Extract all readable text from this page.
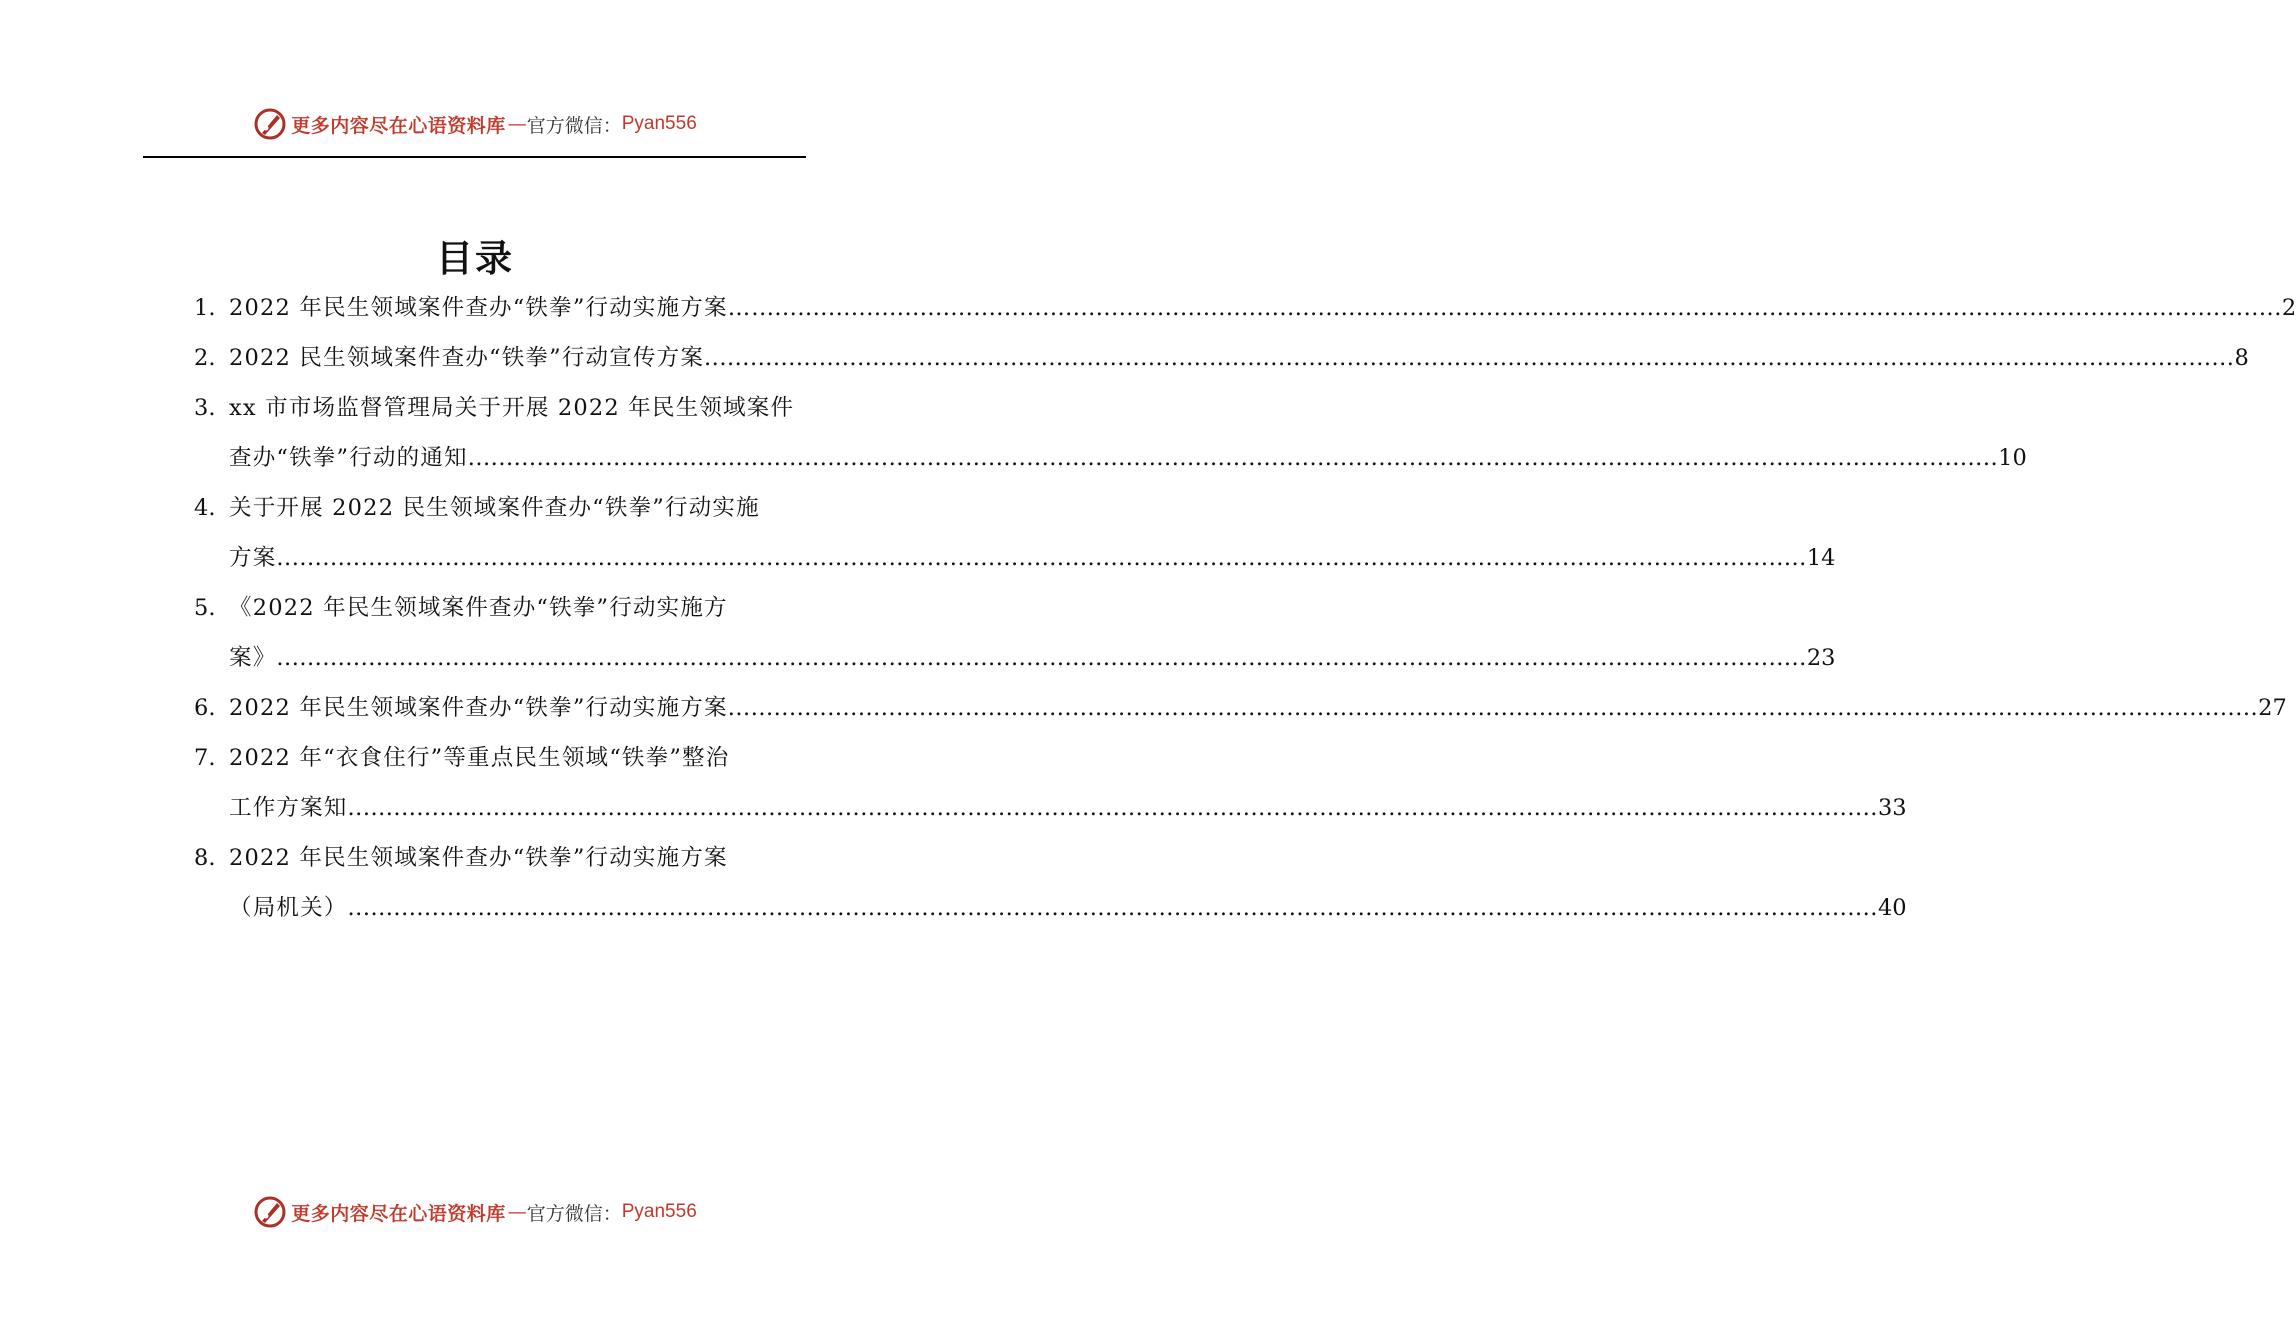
更多内容尽在心语资料库 — 官方微信： Pyan556
目录
1. 2022 年民生领域案件查办“铁拳”行动实施方案… ........................................................................................................................................................................................................ 2
2. 2022 民生领域案件查办“铁拳”行动宣传方案 ........................................................................................................................................................................................................ 8
3. xx 市市场监督管理局关于开展 2022 年民生领域案件
查办“铁拳”行动的通知 ........................................................................................................................................................................................................ 10
4. 关于开展 2022 民生领域案件查办“铁拳”行动实施
方案 ........................................................................................................................................................................................................ 14
5. 《2022 年民生领域案件查办“铁拳”行动实施方
案》 ........................................................................................................................................................................................................ 23
6. 2022 年民生领域案件查办“铁拳”行动实施方案 ........................................................................................................................................................................................................ 27
7. 2022 年“衣食住行”等重点民生领域“铁拳”整治
工作方案知 ........................................................................................................................................................................................................ 33
8. 2022 年民生领域案件查办“铁拳”行动实施方案
（局机关） ........................................................................................................................................................................................................ 40
更多内容尽在心语资料库 — 官方微信： Pyan556
